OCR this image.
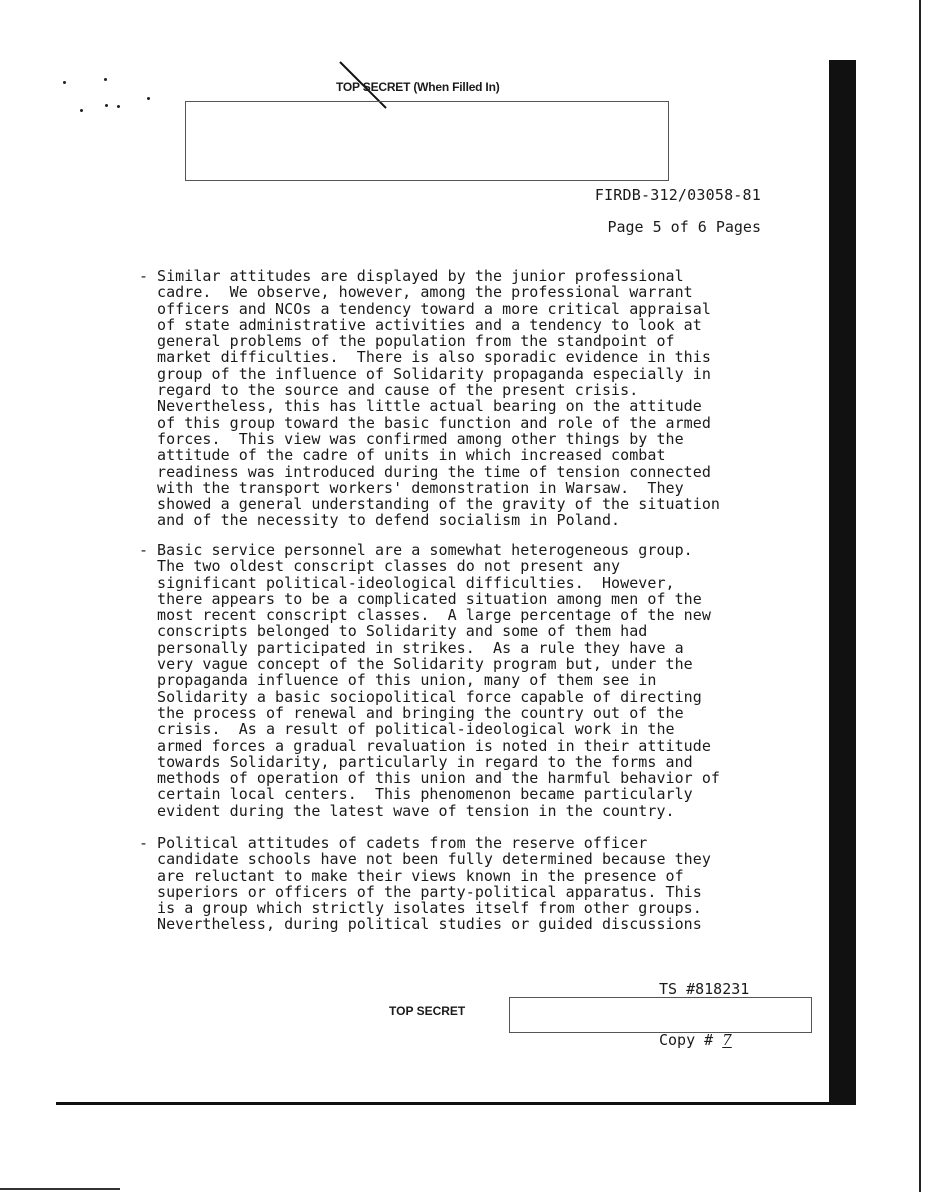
TOP SECRET (When Filled In)
FIRDB-312/03058-81
Page 5 of 6 Pages

-

Similar attitudes are displayed by the junior professional
cadre.  We observe, however, among the professional warrant
officers and NCOs a tendency toward a more critical appraisal
of state administrative activities and a tendency to look at
general problems of the population from the standpoint of
market difficulties.  There is also sporadic evidence in this
group of the influence of Solidarity propaganda especially in
regard to the source and cause of the present crisis.
Nevertheless, this has little actual bearing on the attitude
of this group toward the basic function and role of the armed
forces.  This view was confirmed among other things by the
attitude of the cadre of units in which increased combat
readiness was introduced during the time of tension connected
with the transport workers' demonstration in Warsaw.  They
showed a general understanding of the gravity of the situation
and of the necessity to defend socialism in Poland.

-

Basic service personnel are a somewhat heterogeneous group.
The two oldest conscript classes do not present any
significant political-ideological difficulties.  However,
there appears to be a complicated situation among men of the
most recent conscript classes.  A large percentage of the new
conscripts belonged to Solidarity and some of them had
personally participated in strikes.  As a rule they have a
very vague concept of the Solidarity program but, under the
propaganda influence of this union, many of them see in
Solidarity a basic sociopolitical force capable of directing
the process of renewal and bringing the country out of the
crisis.  As a result of political-ideological work in the
armed forces a gradual revaluation is noted in their attitude
towards Solidarity, particularly in regard to the forms and
methods of operation of this union and the harmful behavior of
certain local centers.  This phenomenon became particularly
evident during the latest wave of tension in the country.

-

Political attitudes of cadets from the reserve officer
candidate schools have not been fully determined because they
are reluctant to make their views known in the presence of
superiors or officers of the party-political apparatus. This
is a group which strictly isolates itself from other groups.
Nevertheless, during political studies or guided discussions

TS #818231

Copy # 7

TOP SECRET
